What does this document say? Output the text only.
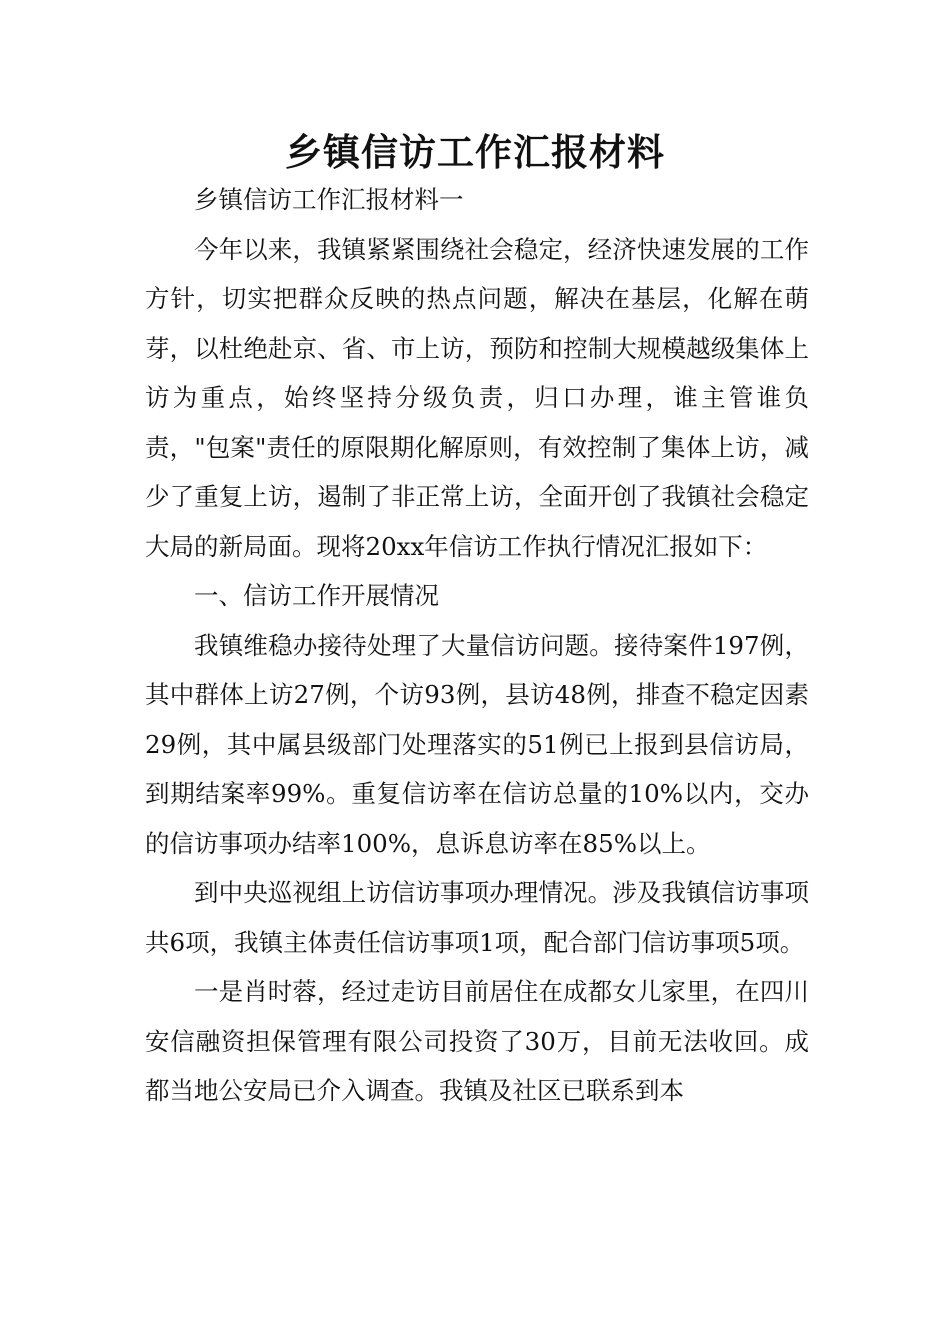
乡镇信访工作汇报材料

乡镇信访工作汇报材料一

今年以来，我镇紧紧围绕社会稳定，经济快速发展的工作方针，切实把群众反映的热点问题，解决在基层，化解在萌芽，以杜绝赴京、省、市上访，预防和控制大规模越级集体上访为重点，始终坚持分级负责，归口办理，谁主管谁负责，"包案"责任的原限期化解原则，有效控制了集体上访，减少了重复上访，遏制了非正常上访，全面开创了我镇社会稳定大局的新局面。现将20xx年信访工作执行情况汇报如下：

一、信访工作开展情况

我镇维稳办接待处理了大量信访问题。接待案件197例，其中群体上访27例，个访93例，县访48例，排查不稳定因素29例，其中属县级部门处理落实的51例已上报到县信访局，到期结案率99%。重复信访率在信访总量的10%以内，交办的信访事项办结率100%，息诉息访率在85%以上。

到中央巡视组上访信访事项办理情况。涉及我镇信访事项共6项，我镇主体责任信访事项1项，配合部门信访事项5项。

一是肖时蓉，经过走访目前居住在成都女儿家里，在四川安信融资担保管理有限公司投资了30万，目前无法收回。成都当地公安局已介入调查。我镇及社区已联系到本
